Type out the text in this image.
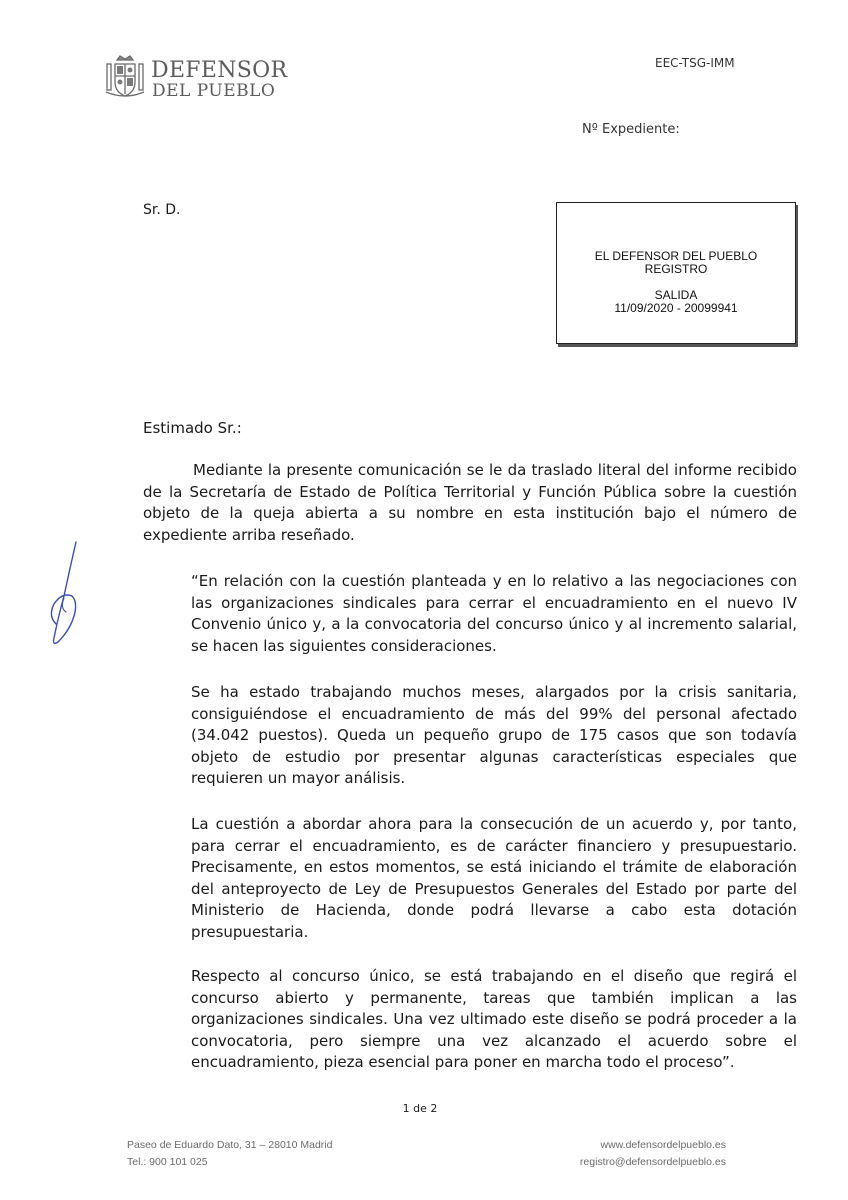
DEFENSOR
DEL PUEBLO
EEC-TSG-IMM
Nº Expediente:
Sr. D.
EL DEFENSOR DEL PUEBLO
REGISTRO
SALIDA
11/09/2020 - 20099941
Estimado Sr.:

Mediante la presente comunicación se le da traslado literal del informe recibido de la Secretaría de Estado de Política Territorial y Función Pública sobre la cuestión objeto de la queja abierta a su nombre en esta institución bajo el número de expediente arriba reseñado.

“En relación con la cuestión planteada y en lo relativo a las negociaciones con las organizaciones sindicales para cerrar el encuadramiento en el nuevo IV Convenio único y, a la convocatoria del concurso único y al incremento salarial, se hacen las siguientes consideraciones.

Se ha estado trabajando muchos meses, alargados por la crisis sanitaria, consiguiéndose el encuadramiento de más del 99% del personal afectado (34.042 puestos). Queda un pequeño grupo de 175 casos que son todavía objeto de estudio por presentar algunas características especiales que requieren un mayor análisis.

La cuestión a abordar ahora para la consecución de un acuerdo y, por tanto, para cerrar el encuadramiento, es de carácter financiero y presupuestario. Precisamente, en estos momentos, se está iniciando el trámite de elaboración del anteproyecto de Ley de Presupuestos Generales del Estado por parte del Ministerio de Hacienda, donde podrá llevarse a cabo esta dotación presupuestaria.

Respecto al concurso único, se está trabajando en el diseño que regirá el concurso abierto y permanente, tareas que también implican a las organizaciones sindicales. Una vez ultimado este diseño se podrá proceder a la convocatoria, pero siempre una vez alcanzado el acuerdo sobre el encuadramiento, pieza esencial para poner en marcha todo el proceso”.

1 de 2
Paseo de Eduardo Dato, 31 – 28010 Madrid
Tel.: 900 101 025
www.defensordelpueblo.es
registro@defensordelpueblo.es
